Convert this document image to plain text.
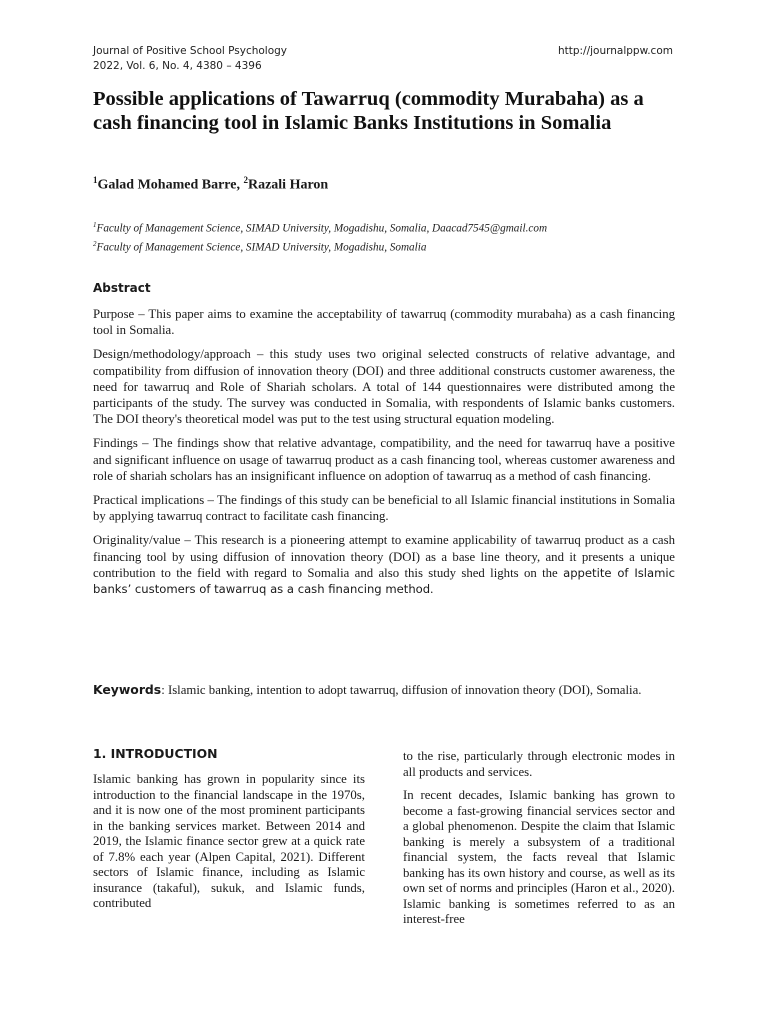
Journal of Positive School Psychology
2022, Vol. 6, No. 4, 4380 – 4396
http://journalppw.com
Possible applications of Tawarruq (commodity Murabaha) as a cash financing tool in Islamic Banks Institutions in Somalia
$^1$Galad Mohamed Barre, $^2$Razali Haron
$^1$Faculty of Management Science, SIMAD University, Mogadishu, Somalia, Daacad7545@gmail.com
$^2$Faculty of Management Science, SIMAD University, Mogadishu, Somalia
Abstract

Purpose – This paper aims to examine the acceptability of tawarruq (commodity murabaha) as a cash financing tool in Somalia.

Design/methodology/approach – this study uses two original selected constructs of relative advantage, and compatibility from diffusion of innovation theory (DOI) and three additional constructs customer awareness, the need for tawarruq and Role of Shariah scholars. A total of 144 questionnaires were distributed among the participants of the study. The survey was conducted in Somalia, with respondents of Islamic banks customers. The DOI theory's theoretical model was put to the test using structural equation modeling.

Findings – The findings show that relative advantage, compatibility, and the need for tawarruq have a positive and significant influence on usage of tawarruq product as a cash financing tool, whereas customer awareness and role of shariah scholars has an insignificant influence on adoption of tawarruq as a method of cash financing.

Practical implications – The findings of this study can be beneficial to all Islamic financial institutions in Somalia by applying tawarruq contract to facilitate cash financing.

Originality/value – This research is a pioneering attempt to examine applicability of tawarruq product as a cash financing tool by using diffusion of innovation theory (DOI) as a base line theory, and it presents a unique contribution to the field with regard to Somalia and also this study shed lights on the appetite of Islamic banks’ customers of tawarruq as a cash financing method.

Keywords: Islamic banking, intention to adopt tawarruq, diffusion of innovation theory (DOI), Somalia.
1. INTRODUCTION

Islamic banking has grown in popularity since its introduction to the financial landscape in the 1970s, and it is now one of the most prominent participants in the banking services market. Between 2014 and 2019, the Islamic finance sector grew at a quick rate of 7.8% each year (Alpen Capital, 2021). Different sectors of Islamic finance, including as Islamic insurance (takaful), sukuk, and Islamic funds, contributed

to the rise, particularly through electronic modes in all products and services.

In recent decades, Islamic banking has grown to become a fast-growing financial services sector and a global phenomenon. Despite the claim that Islamic banking is merely a subsystem of a traditional financial system, the facts reveal that Islamic banking has its own history and course, as well as its own set of norms and principles (Haron et al., 2020). Islamic banking is sometimes referred to as an interest-free
